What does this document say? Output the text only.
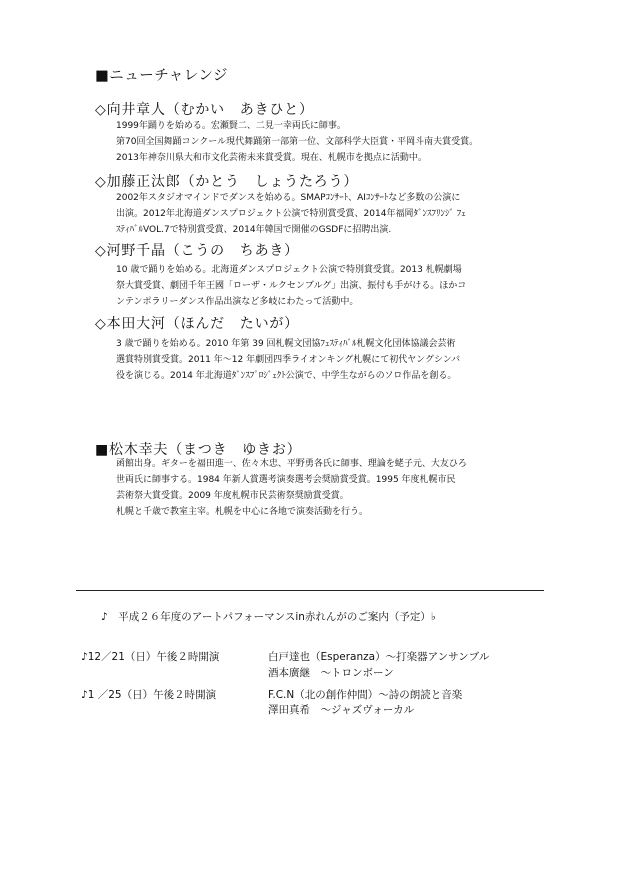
■ニューチャレンジ
◇向井章人（むかい　あきひと）
1999年踊りを始める。宏瀬賢二、二見一幸両氏に師事。
第70回全国舞踊コンクール現代舞踊第一部第一位、文部科学大臣賞・平岡斗南夫賞受賞。
2013年神奈川県大和市文化芸術未来賞受賞。現在、札幌市を拠点に活動中。
◇加藤正汰郎（かとう　しょうたろう）
2002年スタジオマインドでダンスを始める。SMAPｺﾝｻｰﾄ、AIｺﾝｻｰﾄなど多数の公演に
出演。2012年北海道ダンスプロジェクト公演で特別賞受賞、2014年福岡ﾀﾞﾝｽﾌﾘﾝｼﾞ ﾌｪ
ｽﾃｨﾊﾞﾙVOL.7で特別賞受賞、2014年韓国で開催のGSDFに招聘出演.
◇河野千晶（こうの　ちあき）
10 歳で踊りを始める。北海道ダンスプロジェクト公演で特別賞受賞。2013 札幌劇場
祭大賞受賞、劇団千年王國「ローザ・ルクセンブルグ」出演、振付も手がける。ほかコ
ンテンポラリーダンス作品出演など多岐にわたって活動中。
◇本田大河（ほんだ　たいが）
3 歳で踊りを始める。2010 年第 39 回札幌文団協ﾌｪｽﾃｨﾊﾞﾙ札幌文化団体協議会芸術
選賞特別賞受賞。2011 年～12 年劇団四季ライオンキング札幌にて初代ヤングシンバ
役を演じる。2014 年北海道ﾀﾞﾝｽﾌﾟﾛｼﾞｪｸﾄ公演で、中学生ながらのソロ作品を創る。
■松木幸夫（まつき　ゆきお）
函館出身。ギターを福田進一、佐々木忠、平野勇各氏に師事、理論を蛯子元、大友ひろ
世両氏に師事する。1984 年新人賞選考演奏選考会奨励賞受賞。1995 年度札幌市民
芸術祭大賞受賞。2009 年度札幌市民芸術祭奨励賞受賞。
札幌と千歳で教室主宰。札幌を中心に各地で演奏活動を行う。
♪　平成２６年度のアートパフォーマンスin赤れんがのご案内（予定）♭
♪12／21（日）午後２時開演	白戸達也（Esperanza）～打楽器アンサンブル
酒本廣継　～トロンボーン
♪1 ／25（日）午後２時開演	F.C.N（北の創作仲間）～詩の朗読と音楽
澤田真希　～ジャズヴォーカル
